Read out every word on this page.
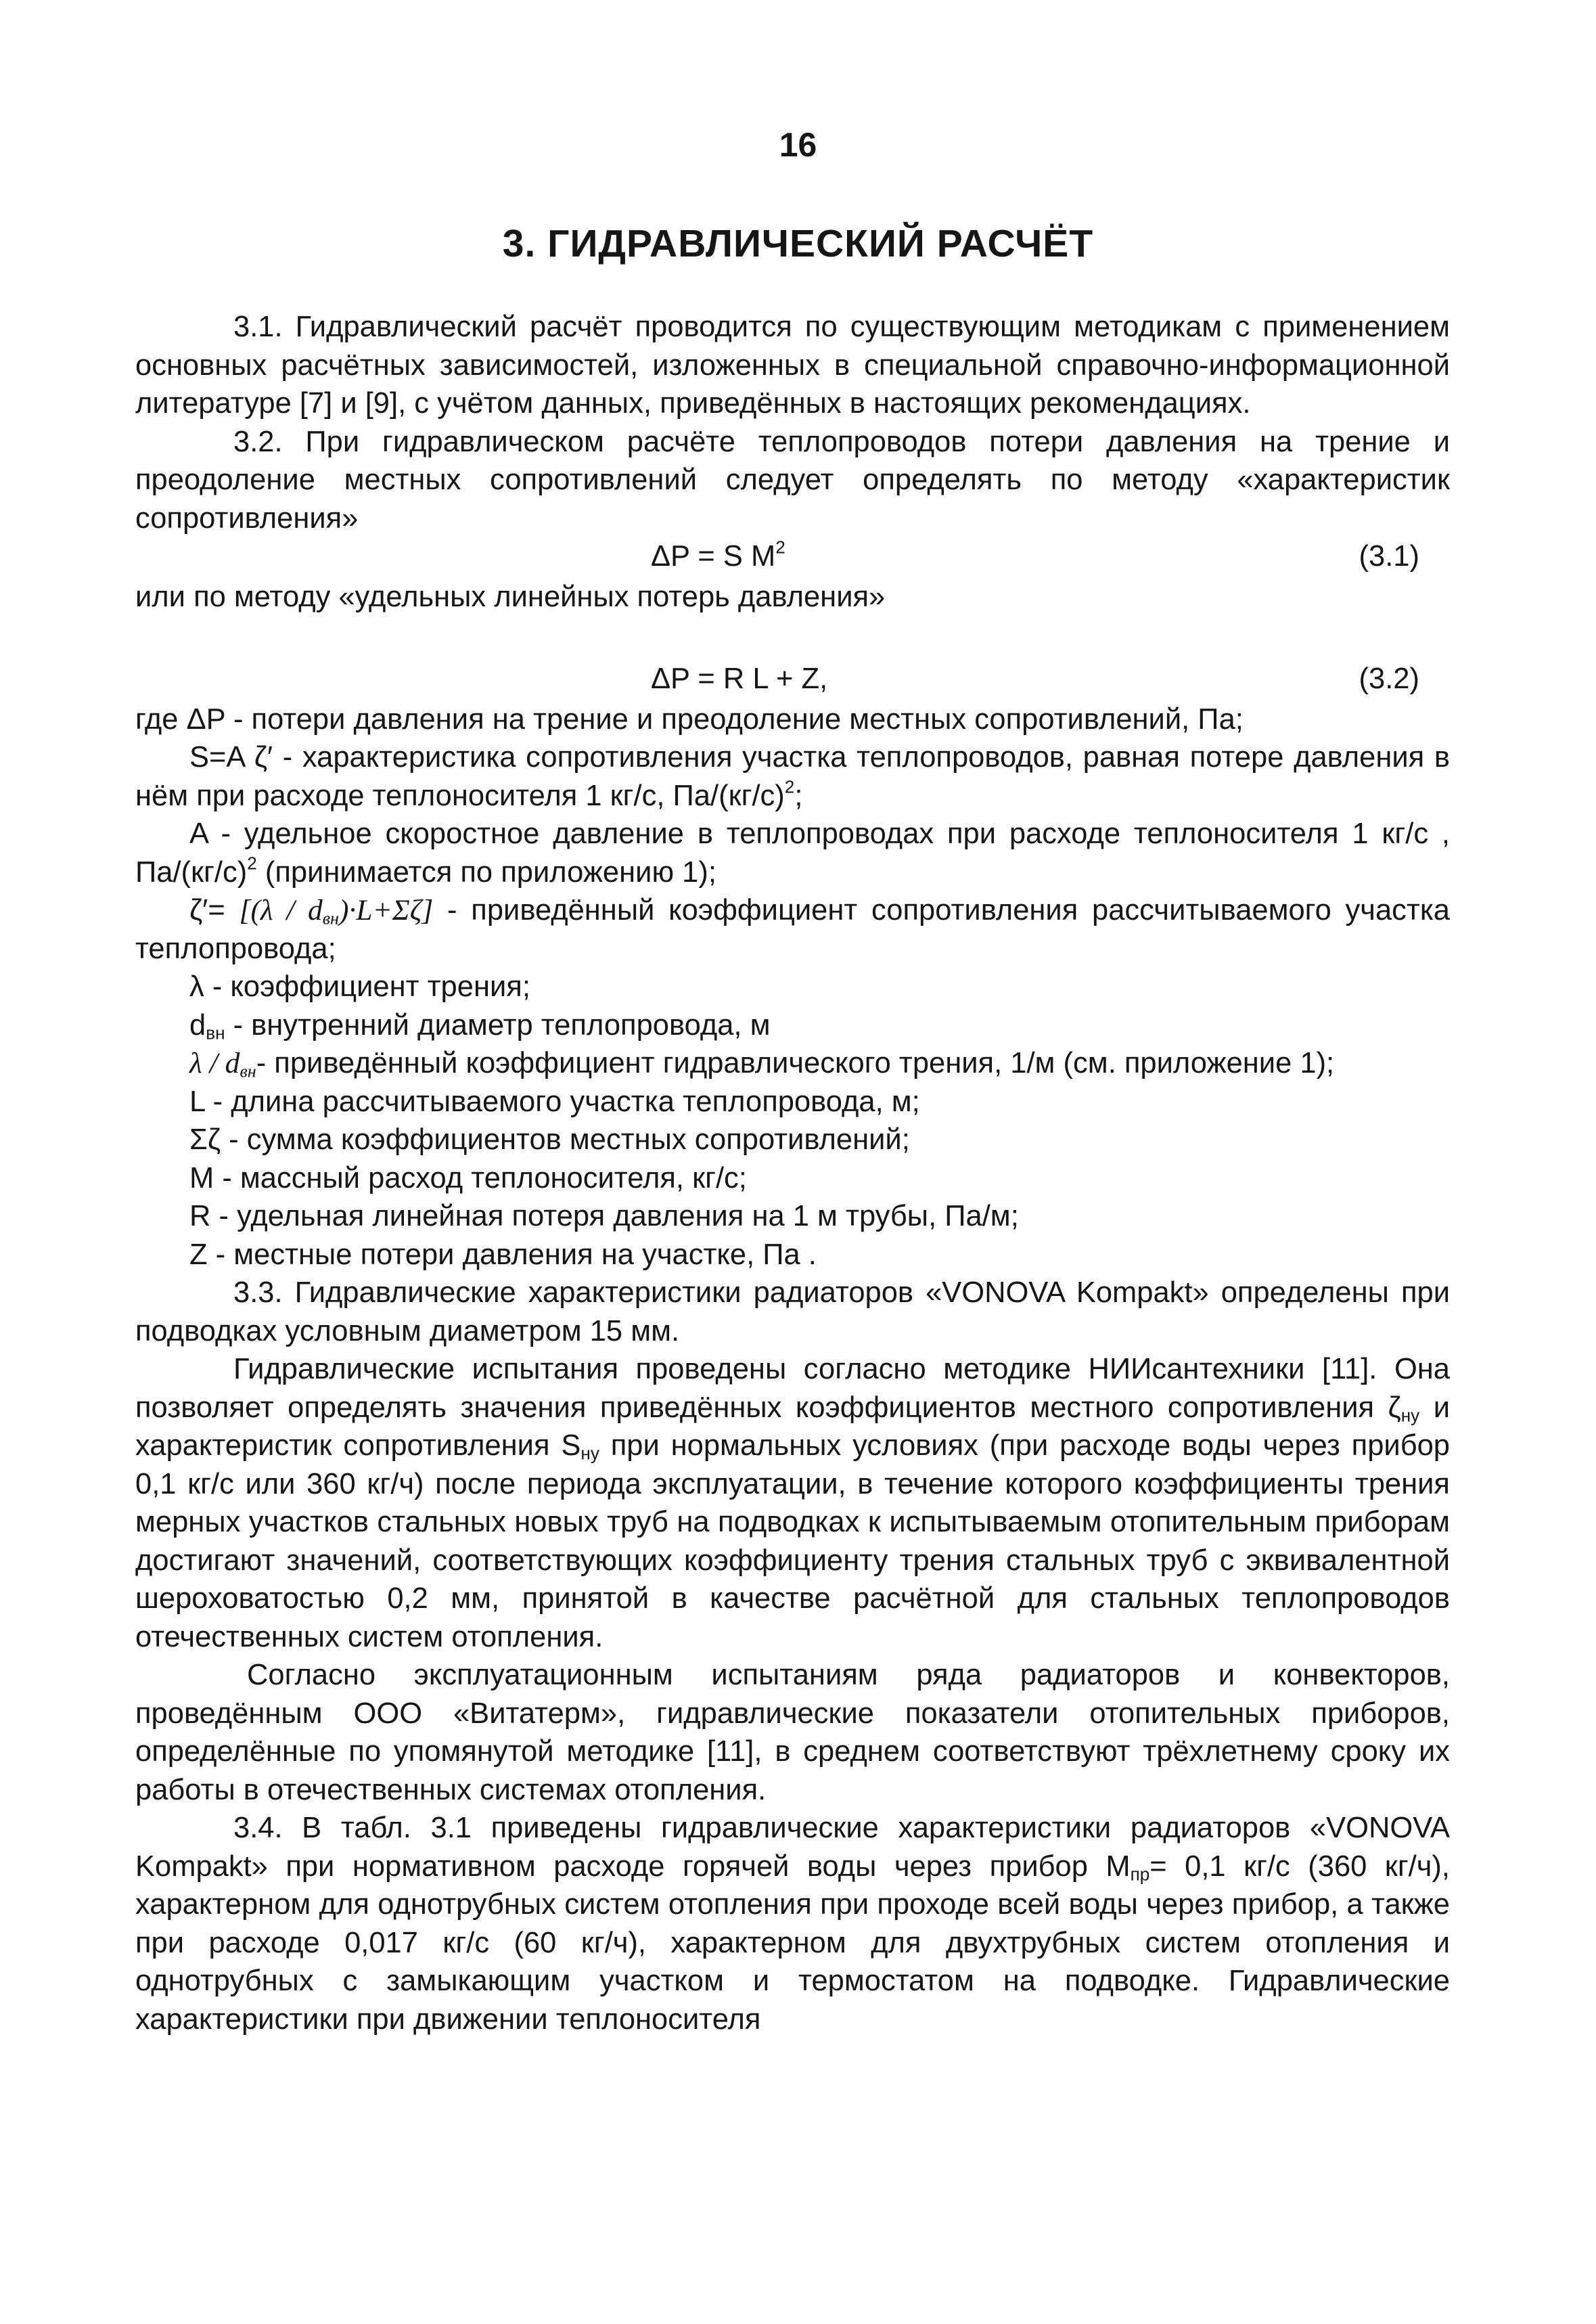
16
3. ГИДРАВЛИЧЕСКИЙ РАСЧЁТ

3.1. Гидравлический расчёт проводится по существующим методикам с применением основных расчётных зависимостей, изложенных в специальной справочно-информационной литературе [7] и [9], с учётом данных, приведённых в настоящих рекомендациях.

3.2. При гидравлическом расчёте теплопроводов потери давления на трение и преодоление местных сопротивлений следует определять по методу «характеристик сопротивления»

ΔP = S $M^2$	(3.1)

или по методу «удельных линейных потерь давления»

ΔP = R L + Z,	(3.2)

где ΔP - потери давления на трение и преодоление местных сопротивлений, Па;

S=A ζ′ - характеристика сопротивления участка теплопроводов, равная потере давления в нём при расходе теплоносителя 1 кг/с, $Па/(кг/с)^2$;

A - удельное скоростное давление в теплопроводах при расходе теплоносителя 1 кг/с , $Па/(кг/с)^2$ (принимается по приложению 1);

$\zeta'= [(\lambda / d_{вн})\cdot L+\Sigma\zeta]$ - приведённый коэффициент сопротивления рассчитываемого участка теплопровода;

λ - коэффициент трения;

$d_{вн}$ - внутренний диаметр теплопровода, м

λ / $d_{вн}-$ приведённый коэффициент гидравлического трения, 1/м (см. приложение 1);

L - длина рассчитываемого участка теплопровода, м;

Σζ - сумма коэффициентов местных сопротивлений;

M - массный расход теплоносителя, кг/с;

R - удельная линейная потеря давления на 1 м трубы, Па/м;

Z - местные потери давления на участке, Па .

3.3. Гидравлические характеристики радиаторов «VONOVA Kompakt» определены при подводках условным диаметром 15 мм.

Гидравлические испытания проведены согласно методике НИИсантехники [11]. Она позволяет определять значения приведённых коэффициентов местного сопротивления $\zeta_{ну}$ и характеристик сопротивления $S_{ну}$ при нормальных условиях (при расходе воды через прибор 0,1 кг/с или 360 кг/ч) после периода эксплуатации, в течение которого коэффициенты трения мерных участков стальных новых труб на подводках к испытываемым отопительным приборам достигают значений, соответствующих коэффициенту трения стальных труб с эквивалентной шероховатостью 0,2 мм, принятой в качестве расчётной для стальных теплопроводов отечественных систем отопления.

Согласно эксплуатационным испытаниям ряда радиаторов и конвекторов, проведённым ООО «Витатерм», гидравлические показатели отопительных приборов, определённые по упомянутой методике [11], в среднем соответствуют трёхлетнему сроку их работы в отечественных системах отопления.

3.4. В табл. 3.1 приведены гидравлические характеристики радиаторов «VONOVA Kompakt» при нормативном расходе горячей воды через прибор $M_{пр}= 0,1$ кг/с (360 кг/ч), характерном для однотрубных систем отопления при проходе всей воды через прибор, а также при расходе 0,017 кг/с (60 кг/ч), характерном для двухтрубных систем отопления и однотрубных с замыкающим участком и термостатом на подводке. Гидравлические характеристики при движении теплоносителя
